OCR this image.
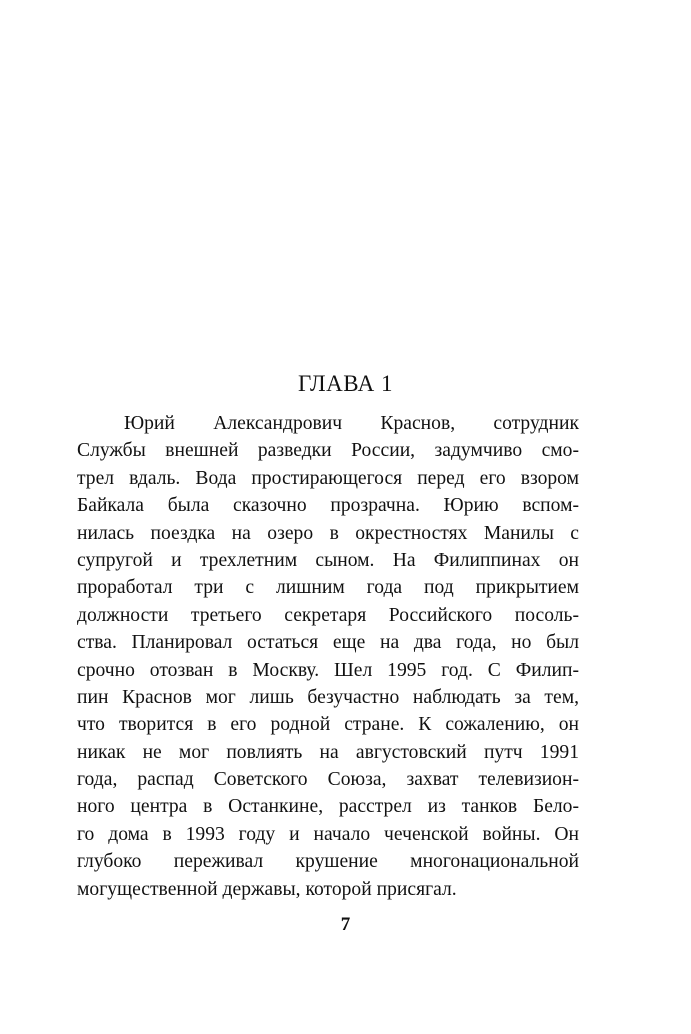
ГЛАВА 1
Юрий Александрович Краснов, сотрудник
Службы внешней разведки России, задумчиво смо-
трел вдаль. Вода простирающегося перед его взором
Байкала была сказочно прозрачна. Юрию вспом-
нилась поездка на озеро в окрестностях Манилы с
супругой и трехлетним сыном. На Филиппинах он
проработал три с лишним года под прикрытием
должности третьего секретаря Российского посоль-
ства. Планировал остаться еще на два года, но был
срочно отозван в Москву. Шел 1995 год. С Филип-
пин Краснов мог лишь безучастно наблюдать за тем,
что творится в его родной стране. К сожалению, он
никак не мог повлиять на августовский путч 1991
года, распад Советского Союза, захват телевизион-
ного центра в Останкине, расстрел из танков Бело-
го дома в 1993 году и начало чеченской войны. Он
глубоко переживал крушение многонациональной
могущественной державы, которой присягал.
7
